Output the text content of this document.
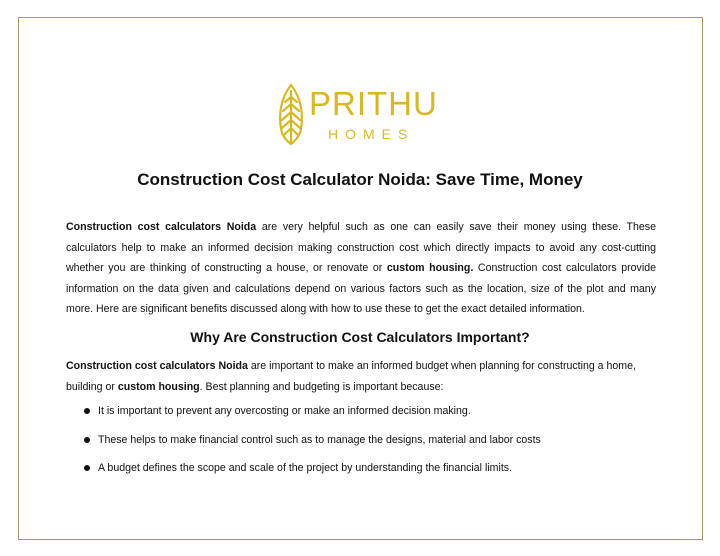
PRITHU
HOMES
Construction Cost Calculator Noida: Save Time, Money

Construction cost calculators Noida are very helpful such as one can easily save their money using these. These calculators help to make an informed decision making construction cost which directly impacts to avoid any cost-cutting whether you are thinking of constructing a house, or renovate or custom housing. Construction cost calculators provide information on the data given and calculations depend on various factors such as the location, size of the plot and many more. Here are significant benefits discussed along with how to use these to get the exact detailed information.

Why Are Construction Cost Calculators Important?

Construction cost calculators Noida are important to make an informed budget when planning for constructing a home, building or custom housing. Best planning and budgeting is important because:

It is important to prevent any overcosting or make an informed decision making.
These helps to make financial control such as to manage the designs, material and labor costs
A budget defines the scope and scale of the project by understanding the financial limits.
